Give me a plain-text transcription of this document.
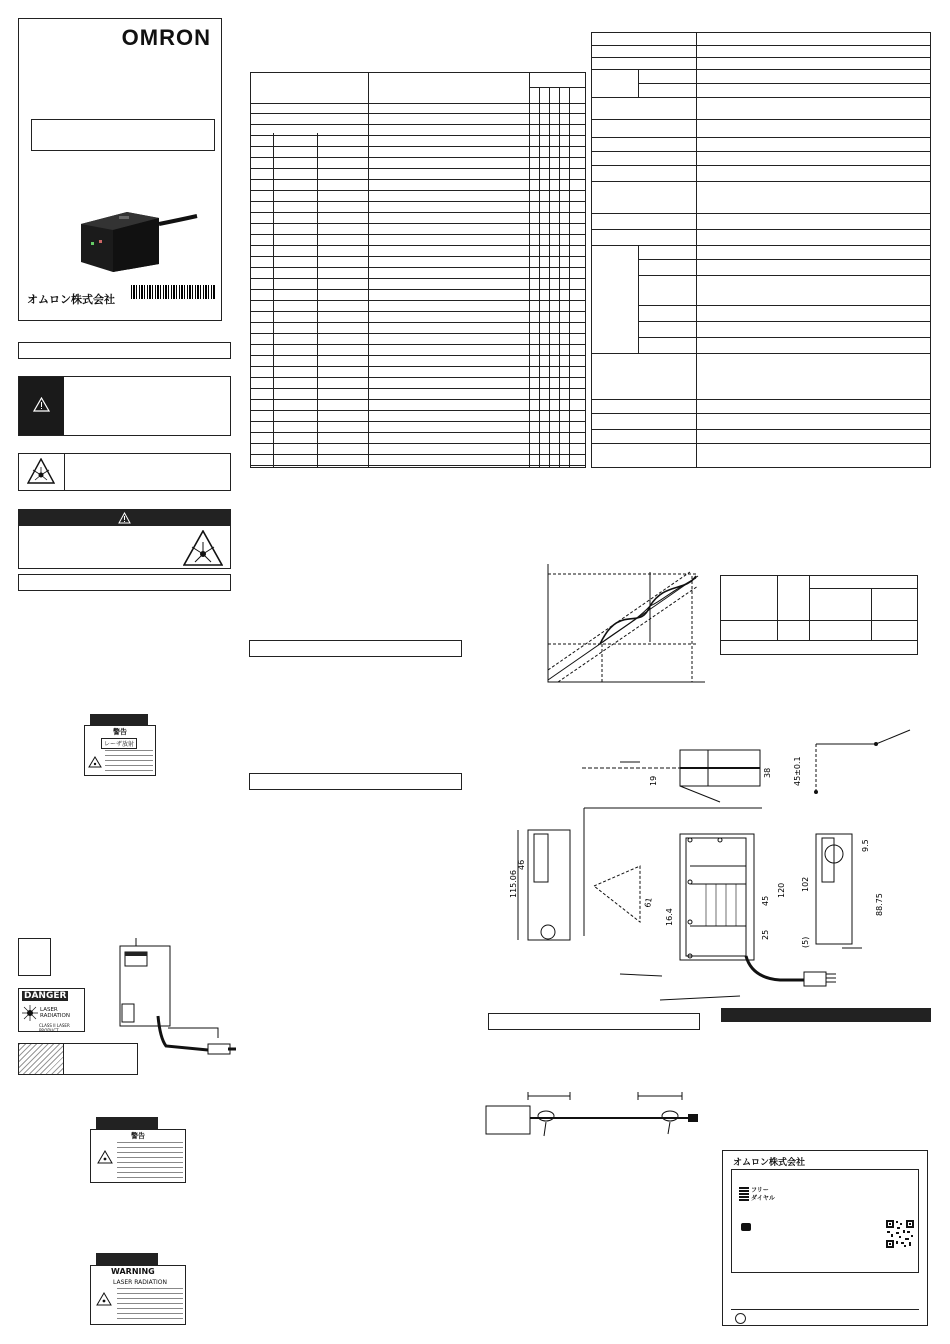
OMRON
オムロン株式会社
警告
レーザ放射
DANGER
LASER RADIATION
CLASS II LASER PRODUCT
警告
WARNING
LASER RADIATION
19
38	45±0.1
61
16.4
120
45
25
46
115.06
9.5
88.75
102
(5)
オムロン株式会社
フリー
ダイヤル
